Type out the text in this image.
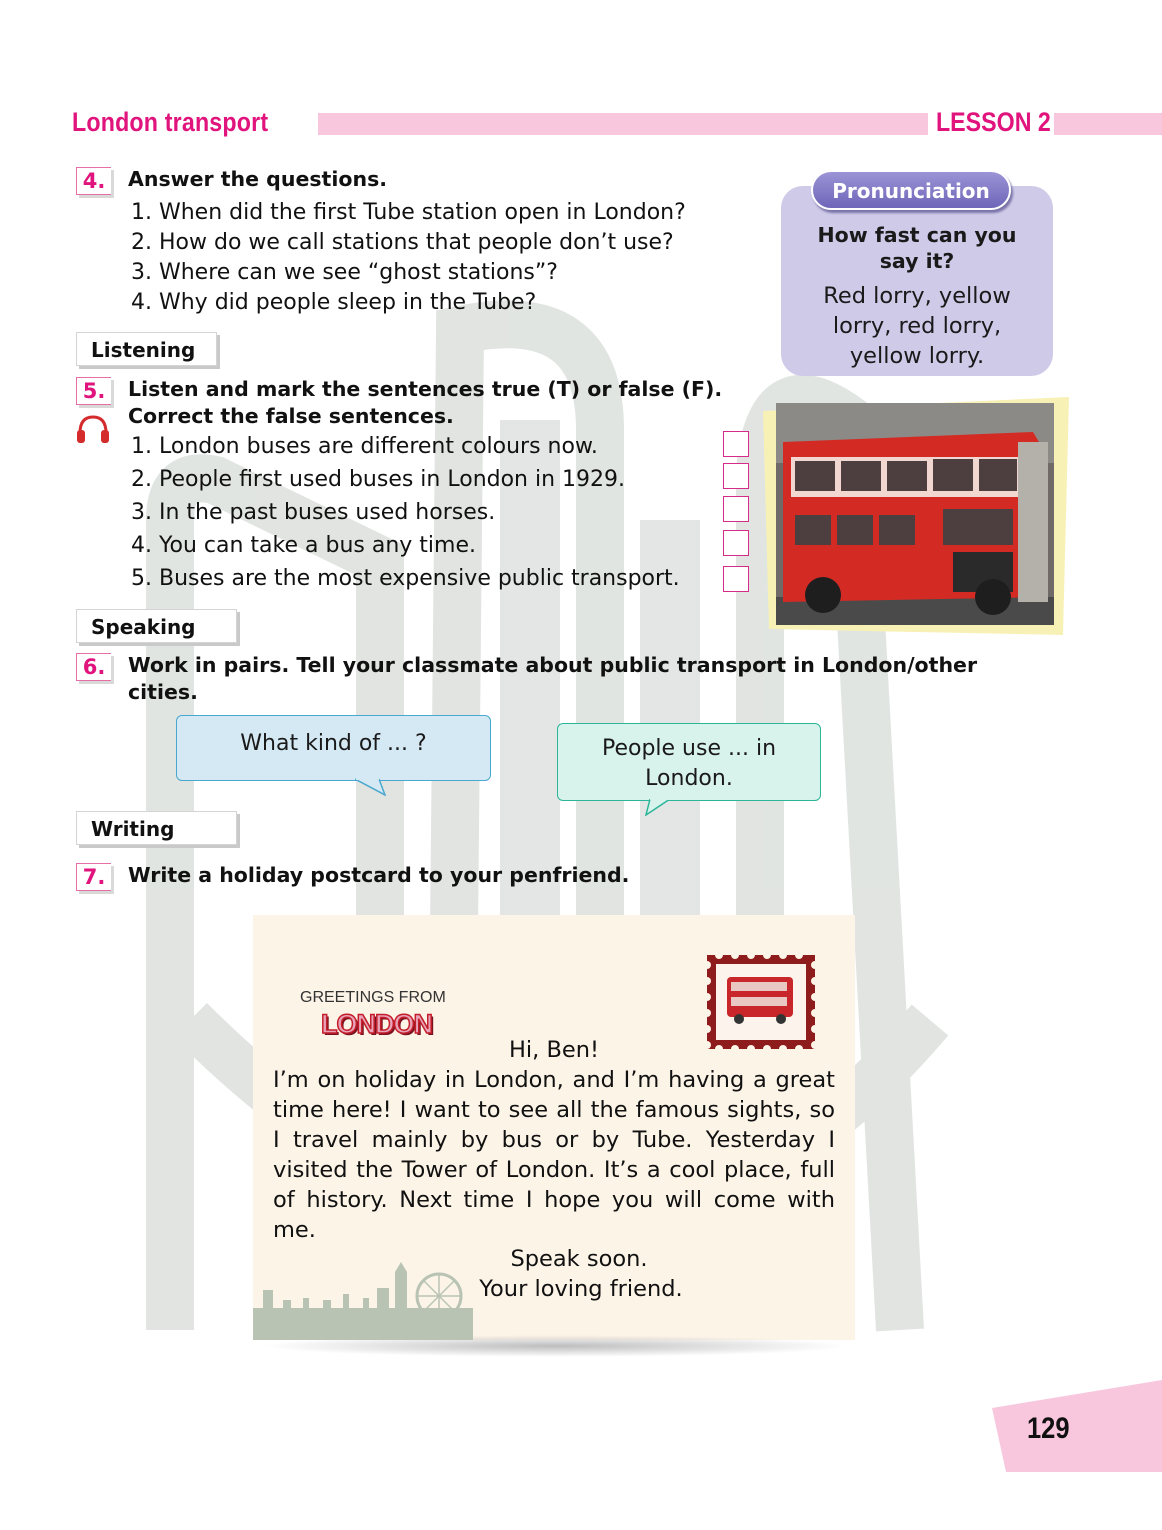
London transport	LESSON 2
4. Answer the questions.
1. When did the first Tube station open in London?
2. How do we call stations that people don’t use?
3. Where can we see “ghost stations”?
4. Why did people sleep in the Tube?
Pronunciation
How fast can you say it?
Red lorry, yellow lorry, red lorry, yellow lorry.
Listening
5. Listen and mark the sentences true (T) or false (F).
Correct the false sentences.
1. London buses are different colours now.
2. People first used buses in London in 1929.
3. In the past buses used horses.
4. You can take a bus any time.
5. Buses are the most expensive public transport.
Speaking
6. Work in pairs. Tell your classmate about public transport in London/other
cities.
What kind of ... ?	People use ... in London.
Writing
7. Write a holiday postcard to your penfriend.
GREETINGS FROM
LONDON
Hi, Ben!
I’m on holiday in London, and I’m having a great time here! I want to see all the famous sights, so I travel mainly by bus or by Tube. Yesterday I visited the Tower of London. It’s a cool place, full of history. Next time I hope you will come with me.
Speak soon.
Your loving friend.
129
